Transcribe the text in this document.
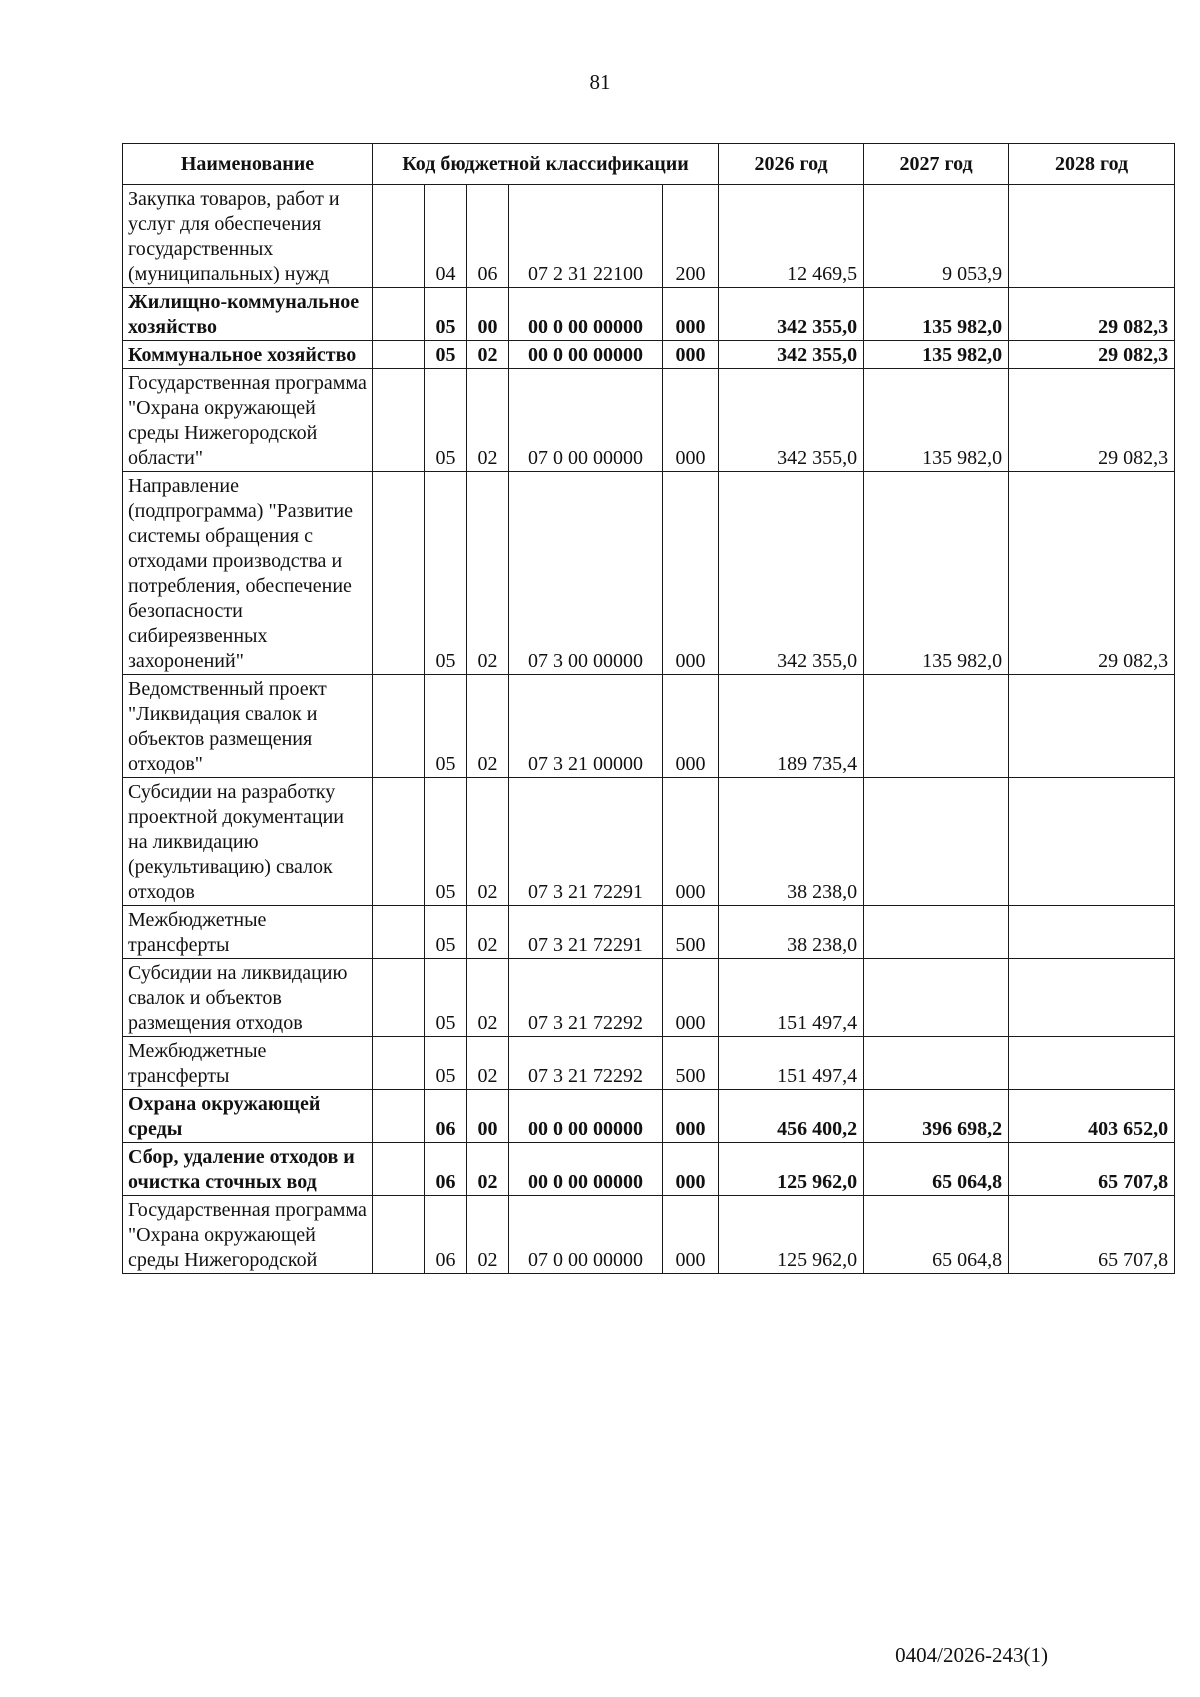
81
Наименование	Код бюджетной классификации					2026 год	2027 год	2028 год
Закупка товаров, работ и услуг для обеспечения государственных (муниципальных) нужд		04	06	07 2 31 22100	200	12 469,5	9 053,9	
Жилищно-коммунальное хозяйство		05	00	00 0 00 00000	000	342 355,0	135 982,0	29 082,3
Коммунальное хозяйство		05	02	00 0 00 00000	000	342 355,0	135 982,0	29 082,3
Государственная программа "Охрана окружающей среды Нижегородской области"		05	02	07 0 00 00000	000	342 355,0	135 982,0	29 082,3
Направление (подпрограмма) "Развитие системы обращения с отходами производства и потребления, обеспечение безопасности сибиреязвенных захоронений"		05	02	07 3 00 00000	000	342 355,0	135 982,0	29 082,3
Ведомственный проект "Ликвидация свалок и объектов размещения отходов"		05	02	07 3 21 00000	000	189 735,4		
Субсидии на разработку проектной документации на ликвидацию (рекультивацию) свалок отходов		05	02	07 3 21 72291	000	38 238,0		
Межбюджетные трансферты		05	02	07 3 21 72291	500	38 238,0		
Субсидии на ликвидацию свалок и объектов размещения отходов		05	02	07 3 21 72292	000	151 497,4		
Межбюджетные трансферты		05	02	07 3 21 72292	500	151 497,4		
Охрана окружающей среды		06	00	00 0 00 00000	000	456 400,2	396 698,2	403 652,0
Сбор, удаление отходов и очистка сточных вод		06	02	00 0 00 00000	000	125 962,0	65 064,8	65 707,8
Государственная программа "Охрана окружающей среды Нижегородской		06	02	07 0 00 00000	000	125 962,0	65 064,8	65 707,8
0404/2026-243(1)
